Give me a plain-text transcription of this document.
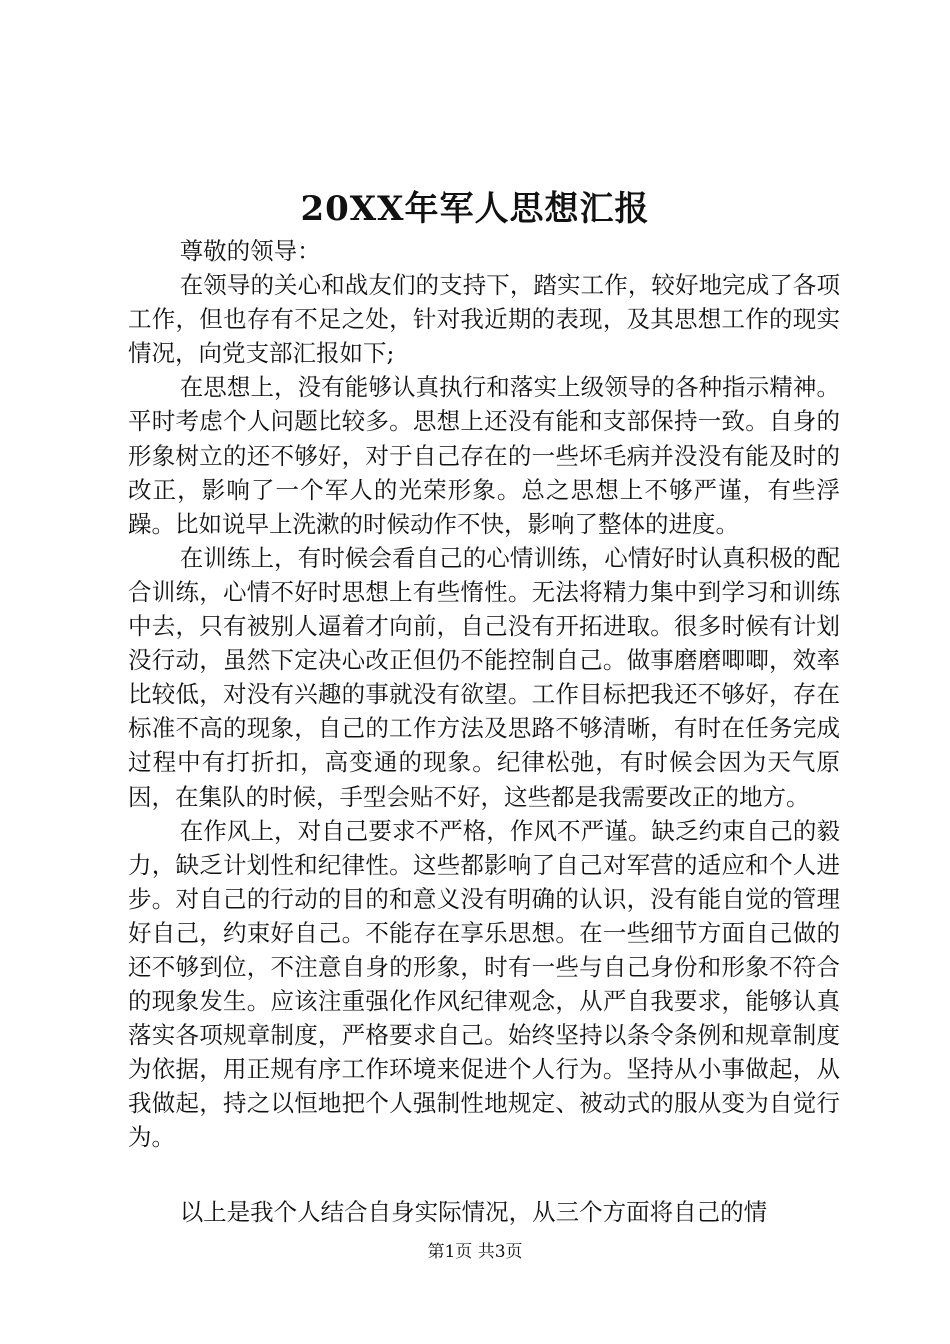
20XX年军人思想汇报

尊敬的领导：

在领导的关心和战友们的支持下，踏实工作，较好地完成了各项工作，但也存有不足之处，针对我近期的表现，及其思想工作的现实情况，向党支部汇报如下;

在思想上，没有能够认真执行和落实上级领导的各种指示精神。平时考虑个人问题比较多。思想上还没有能和支部保持一致。自身的形象树立的还不够好，对于自己存在的一些坏毛病并没没有能及时的改正，影响了一个军人的光荣形象。总之思想上不够严谨，有些浮躁。比如说早上洗漱的时候动作不快，影响了整体的进度。

在训练上，有时候会看自己的心情训练，心情好时认真积极的配合训练，心情不好时思想上有些惰性。无法将精力集中到学习和训练中去，只有被别人逼着才向前，自己没有开拓进取。很多时候有计划没行动，虽然下定决心改正但仍不能控制自己。做事磨磨唧唧，效率比较低，对没有兴趣的事就没有欲望。工作目标把我还不够好，存在标准不高的现象，自己的工作方法及思路不够清晰，有时在任务完成过程中有打折扣，高变通的现象。纪律松弛，有时候会因为天气原因，在集队的时候，手型会贴不好，这些都是我需要改正的地方。

在作风上，对自己要求不严格，作风不严谨。缺乏约束自己的毅力，缺乏计划性和纪律性。这些都影响了自己对军营的适应和个人进步。对自己的行动的目的和意义没有明确的认识，没有能自觉的管理好自己，约束好自己。不能存在享乐思想。在一些细节方面自己做的还不够到位，不注意自身的形象，时有一些与自己身份和形象不符合的现象发生。应该注重强化作风纪律观念，从严自我要求，能够认真落实各项规章制度，严格要求自己。始终坚持以条令条例和规章制度为依据，用正规有序工作环境来促进个人行为。坚持从小事做起，从我做起，持之以恒地把个人强制性地规定、被动式的服从变为自觉行为。

以上是我个人结合自身实际情况，从三个方面将自己的情

第1页 共3页
